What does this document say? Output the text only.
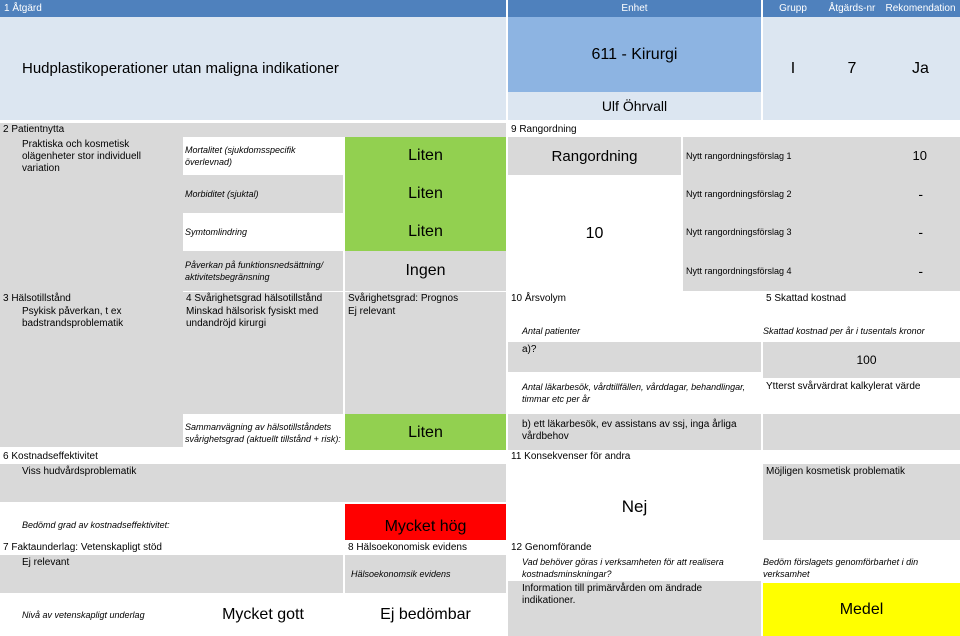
1 Åtgärd	Enhet	Grupp	Åtgärds-nr	Rekomendation
Hudplastikoperationer utan maligna indikationer
611 - Kirurgi
Ulf Öhrvall
I	7	Ja
2 Patientnytta
Praktiska och kosmetisk olägenheter stor individuell variation
Mortalitet (sjukdomsspecifik överlevnad)	Liten
Morbiditet (sjuktal)	Liten
Symtomlindring	Liten
Påverkan på funktionsnedsättning/ aktivitetsbegränsning	Ingen
9 Rangordning
Rangordning
10
Nytt rangordningsförslag 1	10
Nytt rangordningsförslag 2	-
Nytt rangordningsförslag 3	-
Nytt rangordningsförslag 4	-
3 Hälsotillstånd
Psykisk påverkan, t ex badstrandsproblematik
4 Svårighetsgrad hälsotillstånd
Minskad hälsorisk fysiskt med undandröjd kirurgi
Sammanvägning av hälsotillståndets svårighetsgrad (aktuellt tillstånd + risk):	Liten
Svårighetsgrad: Prognos
Ej relevant
10 Årsvolym
Antal patienter
a)?
Antal läkarbesök, vårdtillfällen, vårddagar, behandlingar, timmar etc per år
b) ett läkarbesök, ev assistans av ssj, inga årliga vårdbehov
5 Skattad kostnad
Skattad kostnad per år i tusentals kronor
100
Ytterst svårvärdrat kalkylerat värde
6 Kostnadseffektivitet
Viss hudvårdsproblematik
Bedömd grad av kostnadseffektivitet:	Mycket hög
11 Konsekvenser för andra
Nej
Möjligen kosmetisk problematik
7 Faktaunderlag: Vetenskapligt stöd
Ej relevant
Nivå av vetenskapligt underlag	Mycket gott
8 Hälsoekonomisk evidens
Hälsoekonomsik evidens
Ej bedömbar
12 Genomförande
Vad behöver göras i verksamheten för att realisera kostnadsminskningar?
Information till primärvården om ändrade indikationer.
Bedöm förslagets genomförbarhet i din verksamhet
Medel
